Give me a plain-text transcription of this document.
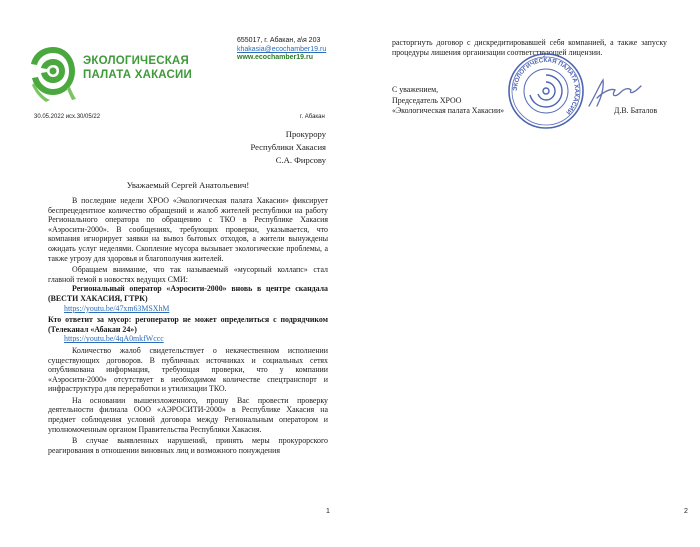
ЭКОЛОГИЧЕСКАЯ
ПАЛАТА ХАКАСИИ
655017, г. Абакан, а\я 203
khakasia@ecochamber19.ru
www.ecochamber19.ru
30.05.2022 исх.30/05/22	г. Абакан
Прокурору
Республики Хакасия
С.А. Фирсову
Уважаемый Сергей Анатольевич!

В последние недели ХРОО «Экологическая палата Хакасии» фиксирует беспрецедентное количество обращений и жалоб жителей республики на работу Регионального оператора по обращению с ТКО в Республике Хакасия «Аэросити-2000». В сообщениях, требующих проверки, указывается, что компания игнорирует заявки на вывоз бытовых отходов, а жители вынуждены ожидать услуг неделями. Скопление мусора вызывает экологические проблемы, а также угрозу для здоровья и благополучия жителей.

Обращаем внимание, что так называемый «мусорный коллапс» стал главной темой в новостях ведущих СМИ:

Региональный оператор «Аэросити-2000» вновь в центре скандала (ВЕСТИ ХАКАСИЯ, ГТРК)

https://youtu.be/47xm63MSXhM

Кто ответит за мусор: регоператор не может определиться с подрядчиком (Телеканал «Абакан 24»)

https://youtu.be/4qA0mkfWccc

Количество жалоб свидетельствует о некачественном исполнении существующих договоров. В публичных источниках и социальных сетях опубликована информация, требующая проверки, что у компании «Аэросити-2000» отсутствует в необходимом количестве спецтранспорт и инфраструктура для переработки и утилизации ТКО.

На основании вышеизложенного, прошу Вас провести проверку деятельности филиала ООО «АЭРОСИТИ-2000» в Республике Хакасия на предмет соблюдения условий договора между Региональным оператором и уполномоченным органом Правительства Республики Хакасия.

В случае выявленных нарушений, принять меры прокурорского реагирования в отношении виновных лиц и возможного понуждения

1
расторгнуть договор с дискредитировавшей себя компанией, а также запуску процедуры лишения организации соответствующей лицензии.
С уважением,
Председатель ХРОО
«Экологическая палата Хакасии»
ЭКОЛОГИЧЕСКАЯ ПАЛАТА ХАКАСИИ	Д.В. Баталов
2
